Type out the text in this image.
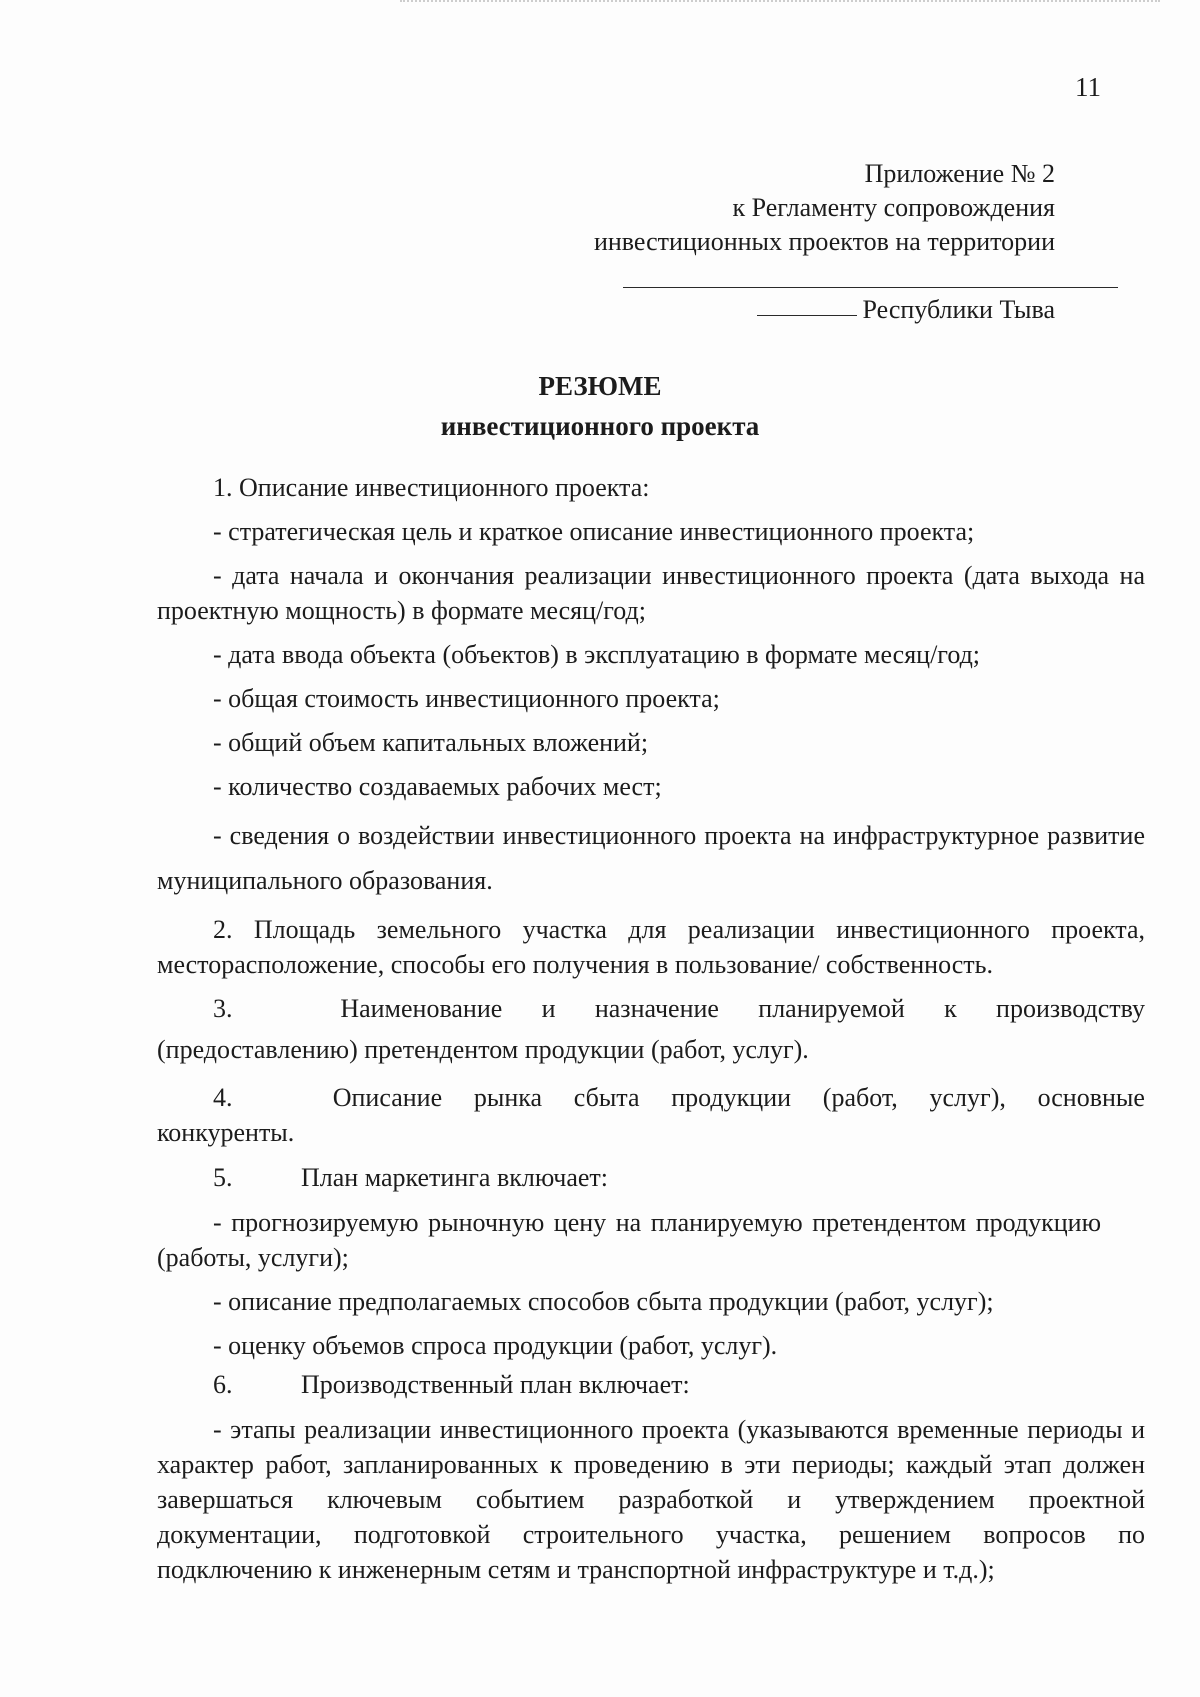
11
Приложение № 2
к Регламенту сопровождения
инвестиционных проектов на территории
Республики Тыва
РЕЗЮМЕ
инвестиционного проекта

1. Описание инвестиционного проекта:

- стратегическая цель и краткое описание инвестиционного проекта;

- дата начала и окончания реализации инвестиционного проекта (дата выхода на проектную мощность) в формате месяц/год;

- дата ввода объекта (объектов) в эксплуатацию в формате месяц/год;

- общая стоимость инвестиционного проекта;

- общий объем капитальных вложений;

- количество создаваемых рабочих мест;

- сведения о воздействии инвестиционного проекта на инфраструктурное развитие муниципального образования.

2. Площадь земельного участка для реализации инвестиционного проекта, месторасположение, способы его получения в пользование/ собственность.

3.	Наименование и назначение планируемой к производству
(предоставлению) претендентом продукции (работ, услуг).
4.	Описание рынка сбыта продукции (работ, услуг), основные
конкуренты.
5.	План маркетинга включает:

- прогнозируемую рыночную цену на планируемую претендентом продукцию (работы, услуги);

- описание предполагаемых способов сбыта продукции (работ, услуг);

- оценку объемов спроса продукции (работ, услуг).

6.	Производственный план включает:

- этапы реализации инвестиционного проекта (указываются временные периоды и характер работ, запланированных к проведению в эти периоды; каждый этап должен завершаться ключевым событием разработкой и утверждением проектной документации, подготовкой строительного участка, решением вопросов по подключению к инженерным сетям и транспортной инфраструктуре и т.д.);
